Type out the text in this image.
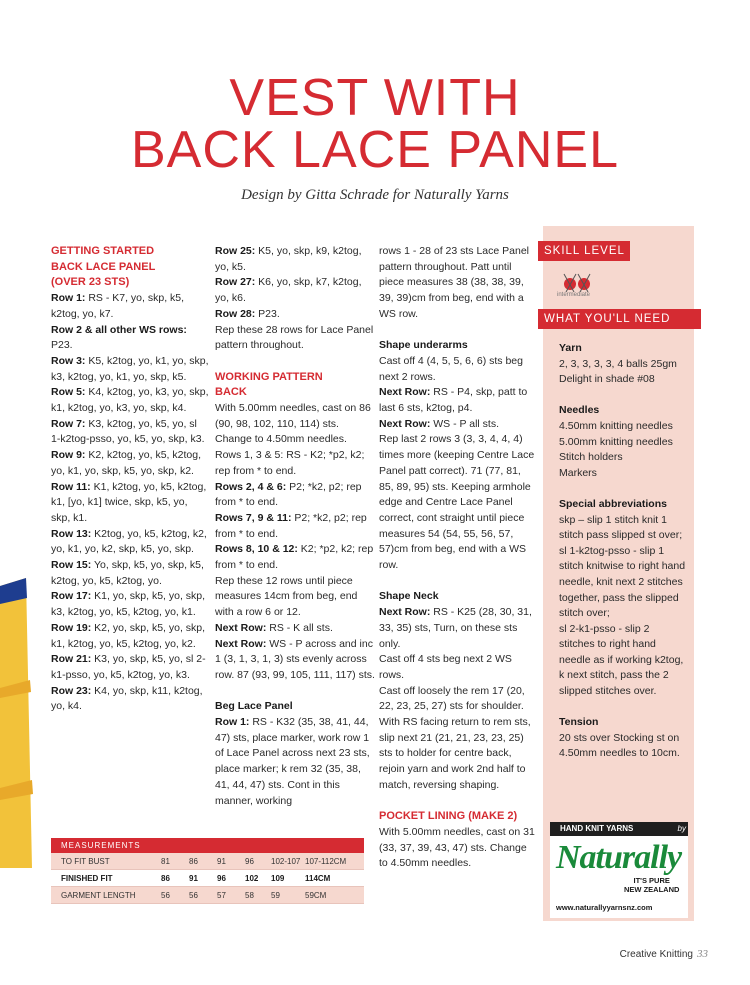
VEST WITH
BACK LACE PANEL
Design by Gitta Schrade for Naturally Yarns

GETTING STARTED

BACK LACE PANEL

(OVER 23 STS)

Row 1: RS - K7, yo, skp, k5, k2tog, yo, k7.

Row 2 & all other WS rows: P23.

Row 3: K5, k2tog, yo, k1, yo, skp, k3, k2tog, yo, k1, yo, skp, k5.

Row 5: K4, k2tog, yo, k3, yo, skp, k1, k2tog, yo, k3, yo, skp, k4.

Row 7: K3, k2tog, yo, k5, yo, sl 1-k2tog-psso, yo, k5, yo, skp, k3.

Row 9: K2, k2tog, yo, k5, k2tog, yo, k1, yo, skp, k5, yo, skp, k2.

Row 11: K1, k2tog, yo, k5, k2tog, k1, [yo, k1] twice, skp, k5, yo, skp, k1.

Row 13: K2tog, yo, k5, k2tog, k2, yo, k1, yo, k2, skp, k5, yo, skp.

Row 15: Yo, skp, k5, yo, skp, k5, k2tog, yo, k5, k2tog, yo.

Row 17: K1, yo, skp, k5, yo, skp, k3, k2tog, yo, k5, k2tog, yo, k1.

Row 19: K2, yo, skp, k5, yo, skp, k1, k2tog, yo, k5, k2tog, yo, k2.

Row 21: K3, yo, skp, k5, yo, sl 2-k1-psso, yo, k5, k2tog, yo, k3.

Row 23: K4, yo, skp, k11, k2tog, yo, k4.

Row 25: K5, yo, skp, k9, k2tog, yo, k5.

Row 27: K6, yo, skp, k7, k2tog, yo, k6.

Row 28: P23.

Rep these 28 rows for Lace Panel pattern throughout.

WORKING PATTERN

BACK

With 5.00mm needles, cast on 86 (90, 98, 102, 110, 114) sts. Change to 4.50mm needles.

Rows 1, 3 & 5: RS - K2; *p2, k2; rep from * to end.

Rows 2, 4 & 6: P2; *k2, p2; rep from * to end.

Rows 7, 9 & 11: P2; *k2, p2; rep from * to end.

Rows 8, 10 & 12: K2; *p2, k2; rep from * to end.

Rep these 12 rows until piece measures 14cm from beg, end with a row 6 or 12.

Next Row: RS - K all sts.

Next Row: WS - P across and inc 1 (3, 1, 3, 1, 3) sts evenly across row. 87 (93, 99, 105, 111, 117) sts.

Beg Lace Panel

Row 1: RS - K32 (35, 38, 41, 44, 47) sts, place marker, work row 1 of Lace Panel across next 23 sts, place marker; k rem 32 (35, 38, 41, 44, 47) sts. Cont in this manner, working

rows 1 - 28 of 23 sts Lace Panel pattern throughout. Patt until piece measures 38 (38, 38, 39, 39, 39)cm from beg, end with a WS row.

Shape underarms

Cast off 4 (4, 5, 5, 6, 6) sts beg next 2 rows.

Next Row: RS - P4, skp, patt to last 6 sts, k2tog, p4.

Next Row: WS - P all sts.

Rep last 2 rows 3 (3, 3, 4, 4, 4) times more (keeping Centre Lace Panel patt correct). 71 (77, 81, 85, 89, 95) sts. Keeping armhole edge and Centre Lace Panel correct, cont straight until piece measures 54 (54, 55, 56, 57, 57)cm from beg, end with a WS row.

Shape Neck

Next Row: RS - K25 (28, 30, 31, 33, 35) sts, Turn, on these sts only.

Cast off 4 sts beg next 2 WS rows.

Cast off loosely the rem 17 (20, 22, 23, 25, 27) sts for shoulder.

With RS facing return to rem sts, slip next 21 (21, 21, 23, 23, 25) sts to holder for centre back, rejoin yarn and work 2nd half to match, reversing shaping.

POCKET LINING (MAKE 2)

With 5.00mm needles, cast on 31 (33, 37, 39, 43, 47) sts. Change to 4.50mm needles.

SKILL LEVEL
intermediate
WHAT YOU'LL NEED

Yarn

2, 3, 3, 3, 3, 4 balls 25gm Delight in shade #08

Needles

4.50mm knitting needles

5.00mm knitting needles

Stitch holders

Markers

Special abbreviations

skp – slip 1 stitch knit 1 stitch pass slipped st over;

sl 1-k2tog-psso - slip 1 stitch knitwise to right hand needle, knit next 2 stitches together, pass the slipped stitch over;

sl 2-k1-psso - slip 2 stitches to right hand needle as if working k2tog, k next stitch, pass the 2 slipped stitches over.

Tension

20 sts over Stocking st on 4.50mm needles to 10cm.

HAND KNIT YARNS	by
Naturally
IT'S PURE
NEW ZEALAND
www.naturallyyarnsnz.com
MEASUREMENTS
TO FIT BUST	81 86 91 96 102-107 107-112CM
FINISHED FIT	86 91 96 102 109	114CM
GARMENT LENGTH	56 56 57 58 59	59CM
Creative Knitting 33
